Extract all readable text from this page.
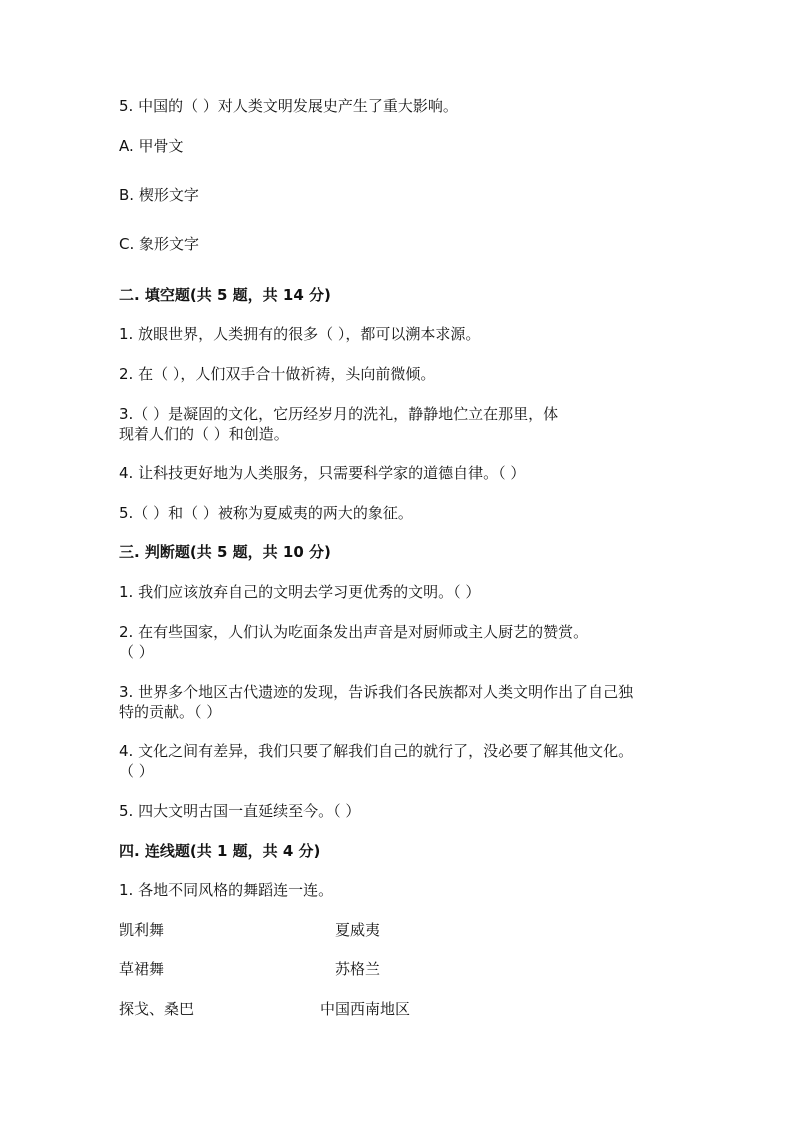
5. 中国的（ ）对人类文明发展史产生了重大影响。
A. 甲骨文
B. 楔形文字
C. 象形文字
二. 填空题(共 5 题，共 14 分)
1. 放眼世界，人类拥有的很多（ ），都可以溯本求源。
2. 在（ ），人们双手合十做祈祷，头向前微倾。
3.（ ）是凝固的文化，它历经岁月的洗礼，静静地伫立在那里，体
现着人们的（ ）和创造。
4. 让科技更好地为人类服务，只需要科学家的道德自律。（ ）
5.（ ）和（ ）被称为夏威夷的两大的象征。
三. 判断题(共 5 题，共 10 分)
1. 我们应该放弃自己的文明去学习更优秀的文明。（ ）
2. 在有些国家，人们认为吃面条发出声音是对厨师或主人厨艺的赞赏。
（ ）
3. 世界多个地区古代遗迹的发现，告诉我们各民族都对人类文明作出了自己独
特的贡献。（ ）
4. 文化之间有差异，我们只要了解我们自己的就行了，没必要了解其他文化。
（ ）
5. 四大文明古国一直延续至今。（ ）
四. 连线题(共 1 题，共 4 分)
1. 各地不同风格的舞蹈连一连。
凯利舞	夏威夷
草裙舞	苏格兰
探戈、桑巴	中国西南地区
